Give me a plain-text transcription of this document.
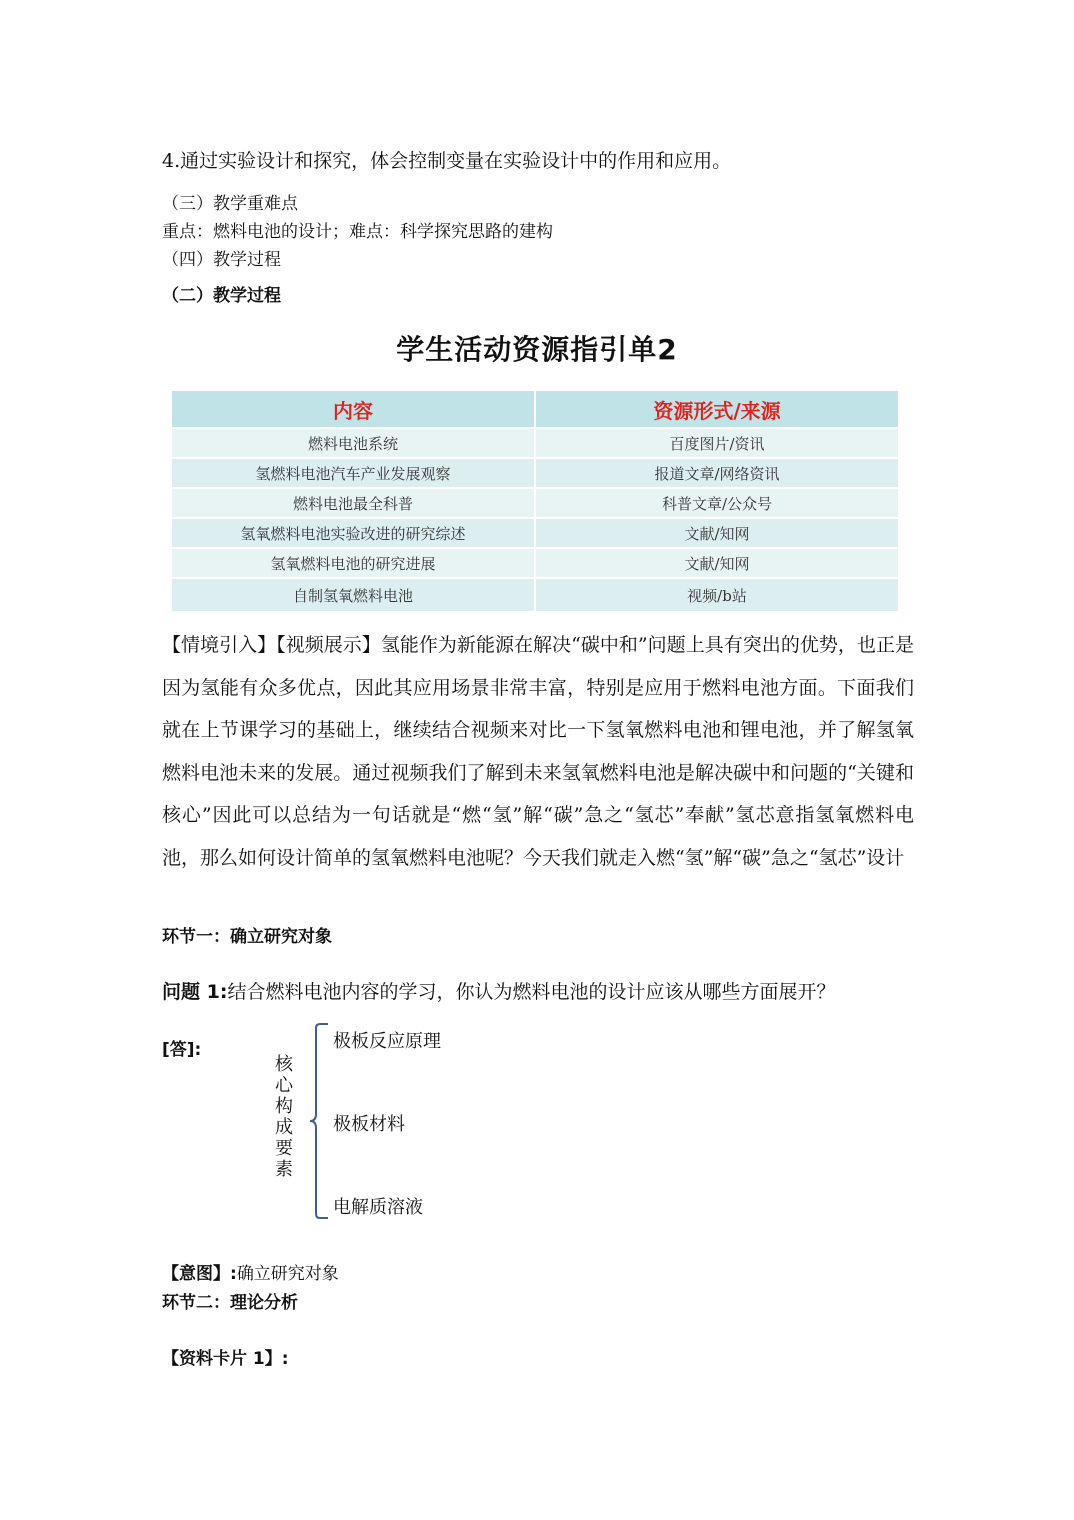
4.通过实验设计和探究，体会控制变量在实验设计中的作用和应用。
（三）教学重难点
重点：燃料电池的设计；难点：科学探究思路的建构
（四）教学过程
（二）教学过程
学生活动资源指引单2
内容	资源形式/来源
燃料电池系统	百度图片/资讯
氢燃料电池汽车产业发展观察	报道文章/网络资讯
燃料电池最全科普	科普文章/公众号
氢氧燃料电池实验改进的研究综述	文献/知网
氢氧燃料电池的研究进展	文献/知网
自制氢氧燃料电池	视频/b站
【情境引入】【视频展示】氢能作为新能源在解决“碳中和”问题上具有突出的优势，也正是因为氢能有众多优点，因此其应用场景非常丰富，特别是应用于燃料电池方面。下面我们就在上节课学习的基础上，继续结合视频来对比一下氢氧燃料电池和锂电池，并了解氢氧燃料电池未来的发展。通过视频我们了解到未来氢氧燃料电池是解决碳中和问题的“关键和核心”因此可以总结为一句话就是“燃“氢”解“碳”急之“氢芯”奉献”氢芯意指氢氧燃料电池，那么如何设计简单的氢氧燃料电池呢？今天我们就走入燃“氢”解“碳”急之“氢芯”设计
环节一：确立研究对象
问题 1:结合燃料电池内容的学习，你认为燃料电池的设计应该从哪些方面展开？
[答]:
核心构成要素
极板反应原理
极板材料
电解质溶液
【意图】:确立研究对象
环节二：理论分析
【资料卡片 1】:
